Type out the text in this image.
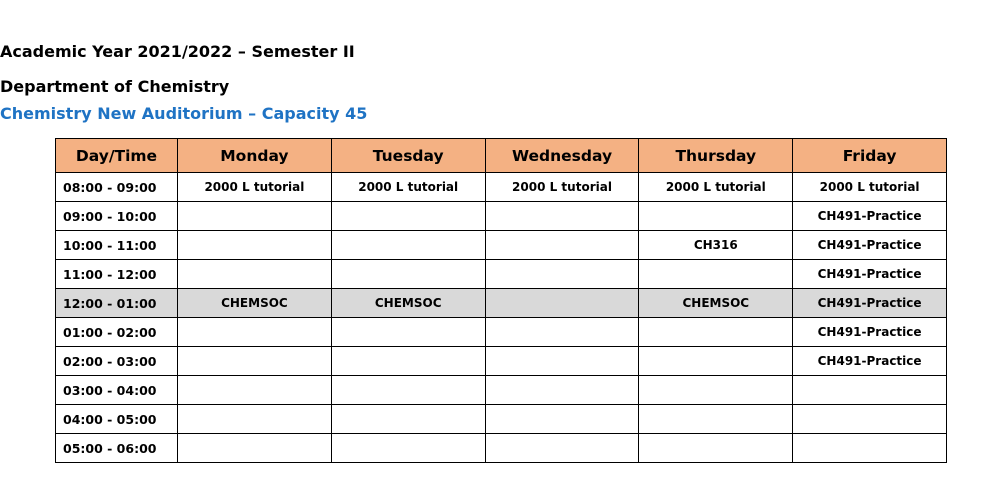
Academic Year 2021/2022 – Semester II
Department of Chemistry
Chemistry New Auditorium – Capacity 45
Day/Time	Monday	Tuesday	Wednesday	Thursday	Friday
08:00 - 09:00	2000 L tutorial	2000 L tutorial	2000 L tutorial	2000 L tutorial	2000 L tutorial
09:00 - 10:00					CH491-Practice
10:00 - 11:00				CH316	CH491-Practice
11:00 - 12:00					CH491-Practice
12:00 - 01:00	CHEMSOC	CHEMSOC		CHEMSOC	CH491-Practice
01:00 - 02:00					CH491-Practice
02:00 - 03:00					CH491-Practice
03:00 - 04:00					
04:00 - 05:00					
05:00 - 06:00					
